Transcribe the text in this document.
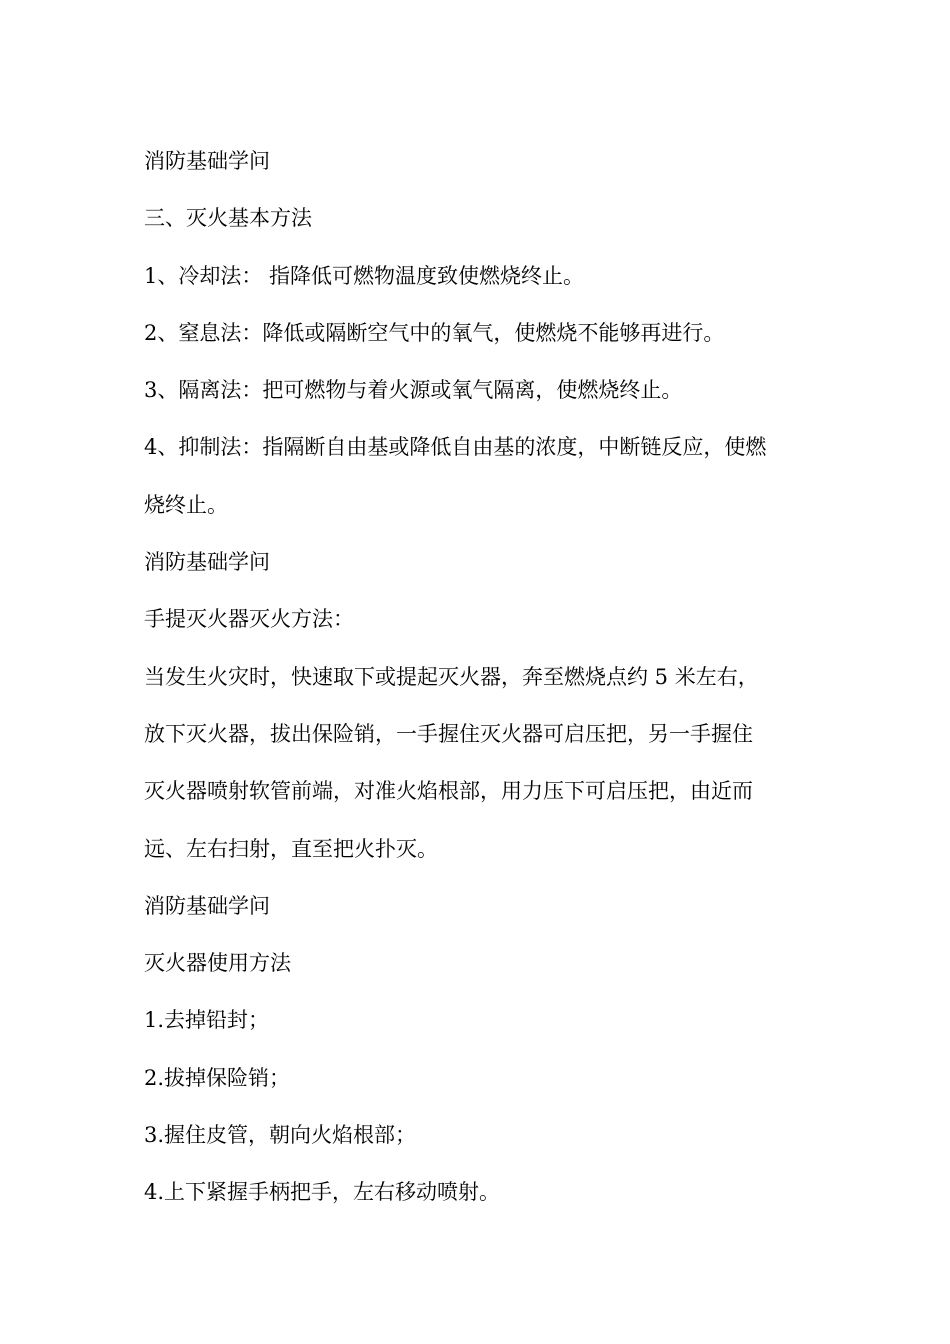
消防基础学问

三、灭火基本方法

1、冷却法： 指降低可燃物温度致使燃烧终止。

2、窒息法：降低或隔断空气中的氧气，使燃烧不能够再进行。

3、隔离法：把可燃物与着火源或氧气隔离，使燃烧终止。

4、抑制法：指隔断自由基或降低自由基的浓度，中断链反应，使燃

烧终止。

消防基础学问

手提灭火器灭火方法：

当发生火灾时，快速取下或提起灭火器，奔至燃烧点约 5 米左右，

放下灭火器，拔出保险销，一手握住灭火器可启压把，另一手握住

灭火器喷射软管前端，对准火焰根部，用力压下可启压把，由近而

远、左右扫射，直至把火扑灭。

消防基础学问

灭火器使用方法

1.去掉铅封；

2.拔掉保险销；

3.握住皮管，朝向火焰根部；

4.上下紧握手柄把手，左右移动喷射。
